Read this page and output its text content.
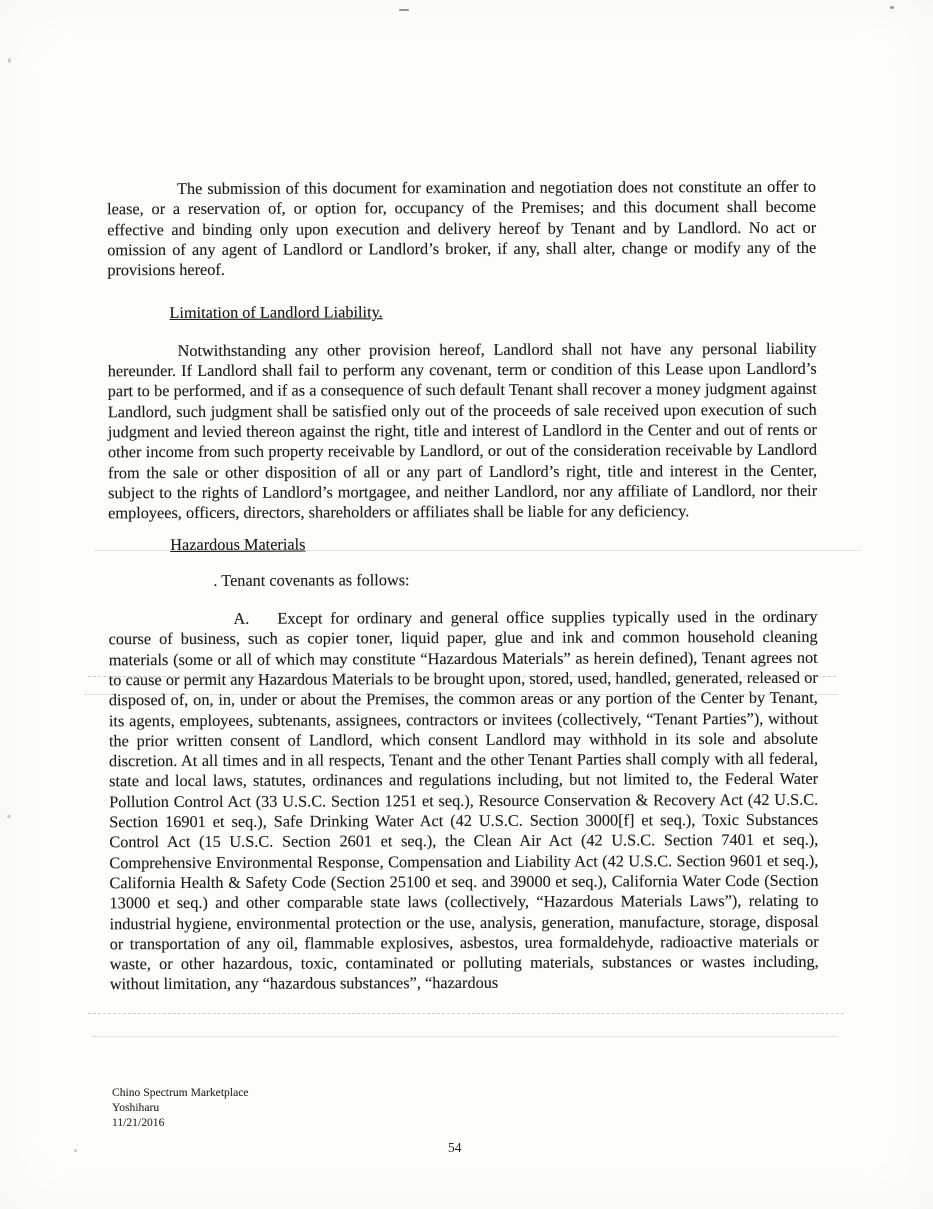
The submission of this document for examination and negotiation does not constitute an offer to lease, or a reservation of, or option for, occupancy of the Premises; and this document shall become effective and binding only upon execution and delivery hereof by Tenant and by Landlord. No act or omission of any agent of Landlord or Landlord’s broker, if any, shall alter, change or modify any of the provisions hereof.

Limitation of Landlord Liability.

Notwithstanding any other provision hereof, Landlord shall not have any personal liability hereunder. If Landlord shall fail to perform any covenant, term or condition of this Lease upon Landlord’s part to be performed, and if as a consequence of such default Tenant shall recover a money judgment against Landlord, such judgment shall be satisfied only out of the proceeds of sale received upon execution of such judgment and levied thereon against the right, title and interest of Landlord in the Center and out of rents or other income from such property receivable by Landlord, or out of the consideration receivable by Landlord from the sale or other disposition of all or any part of Landlord’s right, title and interest in the Center, subject to the rights of Landlord’s mortgagee, and neither Landlord, nor any affiliate of Landlord, nor their employees, officers, directors, shareholders or affiliates shall be liable for any deficiency.

Hazardous Materials

. Tenant covenants as follows:

A. Except for ordinary and general office supplies typically used in the ordinary course of business, such as copier toner, liquid paper, glue and ink and common household cleaning materials (some or all of which may constitute “Hazardous Materials” as herein defined), Tenant agrees not to cause or permit any Hazardous Materials to be brought upon, stored, used, handled, generated, released or disposed of, on, in, under or about the Premises, the common areas or any portion of the Center by Tenant, its agents, employees, subtenants, assignees, contractors or invitees (collectively, “Tenant Parties”), without the prior written consent of Landlord, which consent Landlord may withhold in its sole and absolute discretion. At all times and in all respects, Tenant and the other Tenant Parties shall comply with all federal, state and local laws, statutes, ordinances and regulations including, but not limited to, the Federal Water Pollution Control Act (33 U.S.C. Section 1251 et seq.), Resource Conservation & Recovery Act (42 U.S.C. Section 16901 et seq.), Safe Drinking Water Act (42 U.S.C. Section 3000[f] et seq.), Toxic Substances Control Act (15 U.S.C. Section 2601 et seq.), the Clean Air Act (42 U.S.C. Section 7401 et seq.), Comprehensive Environmental Response, Compensation and Liability Act (42 U.S.C. Section 9601 et seq.), California Health & Safety Code (Section 25100 et seq. and 39000 et seq.), California Water Code (Section 13000 et seq.) and other comparable state laws (collectively, “Hazardous Materials Laws”), relating to industrial hygiene, environmental protection or the use, analysis, generation, manufacture, storage, disposal or transportation of any oil, flammable explosives, asbestos, urea formaldehyde, radioactive materials or waste, or other hazardous, toxic, contaminated or polluting materials, substances or wastes including, without limitation, any “hazardous substances”, “hazardous

Chino Spectrum Marketplace
Yoshiharu
11/21/2016
54
